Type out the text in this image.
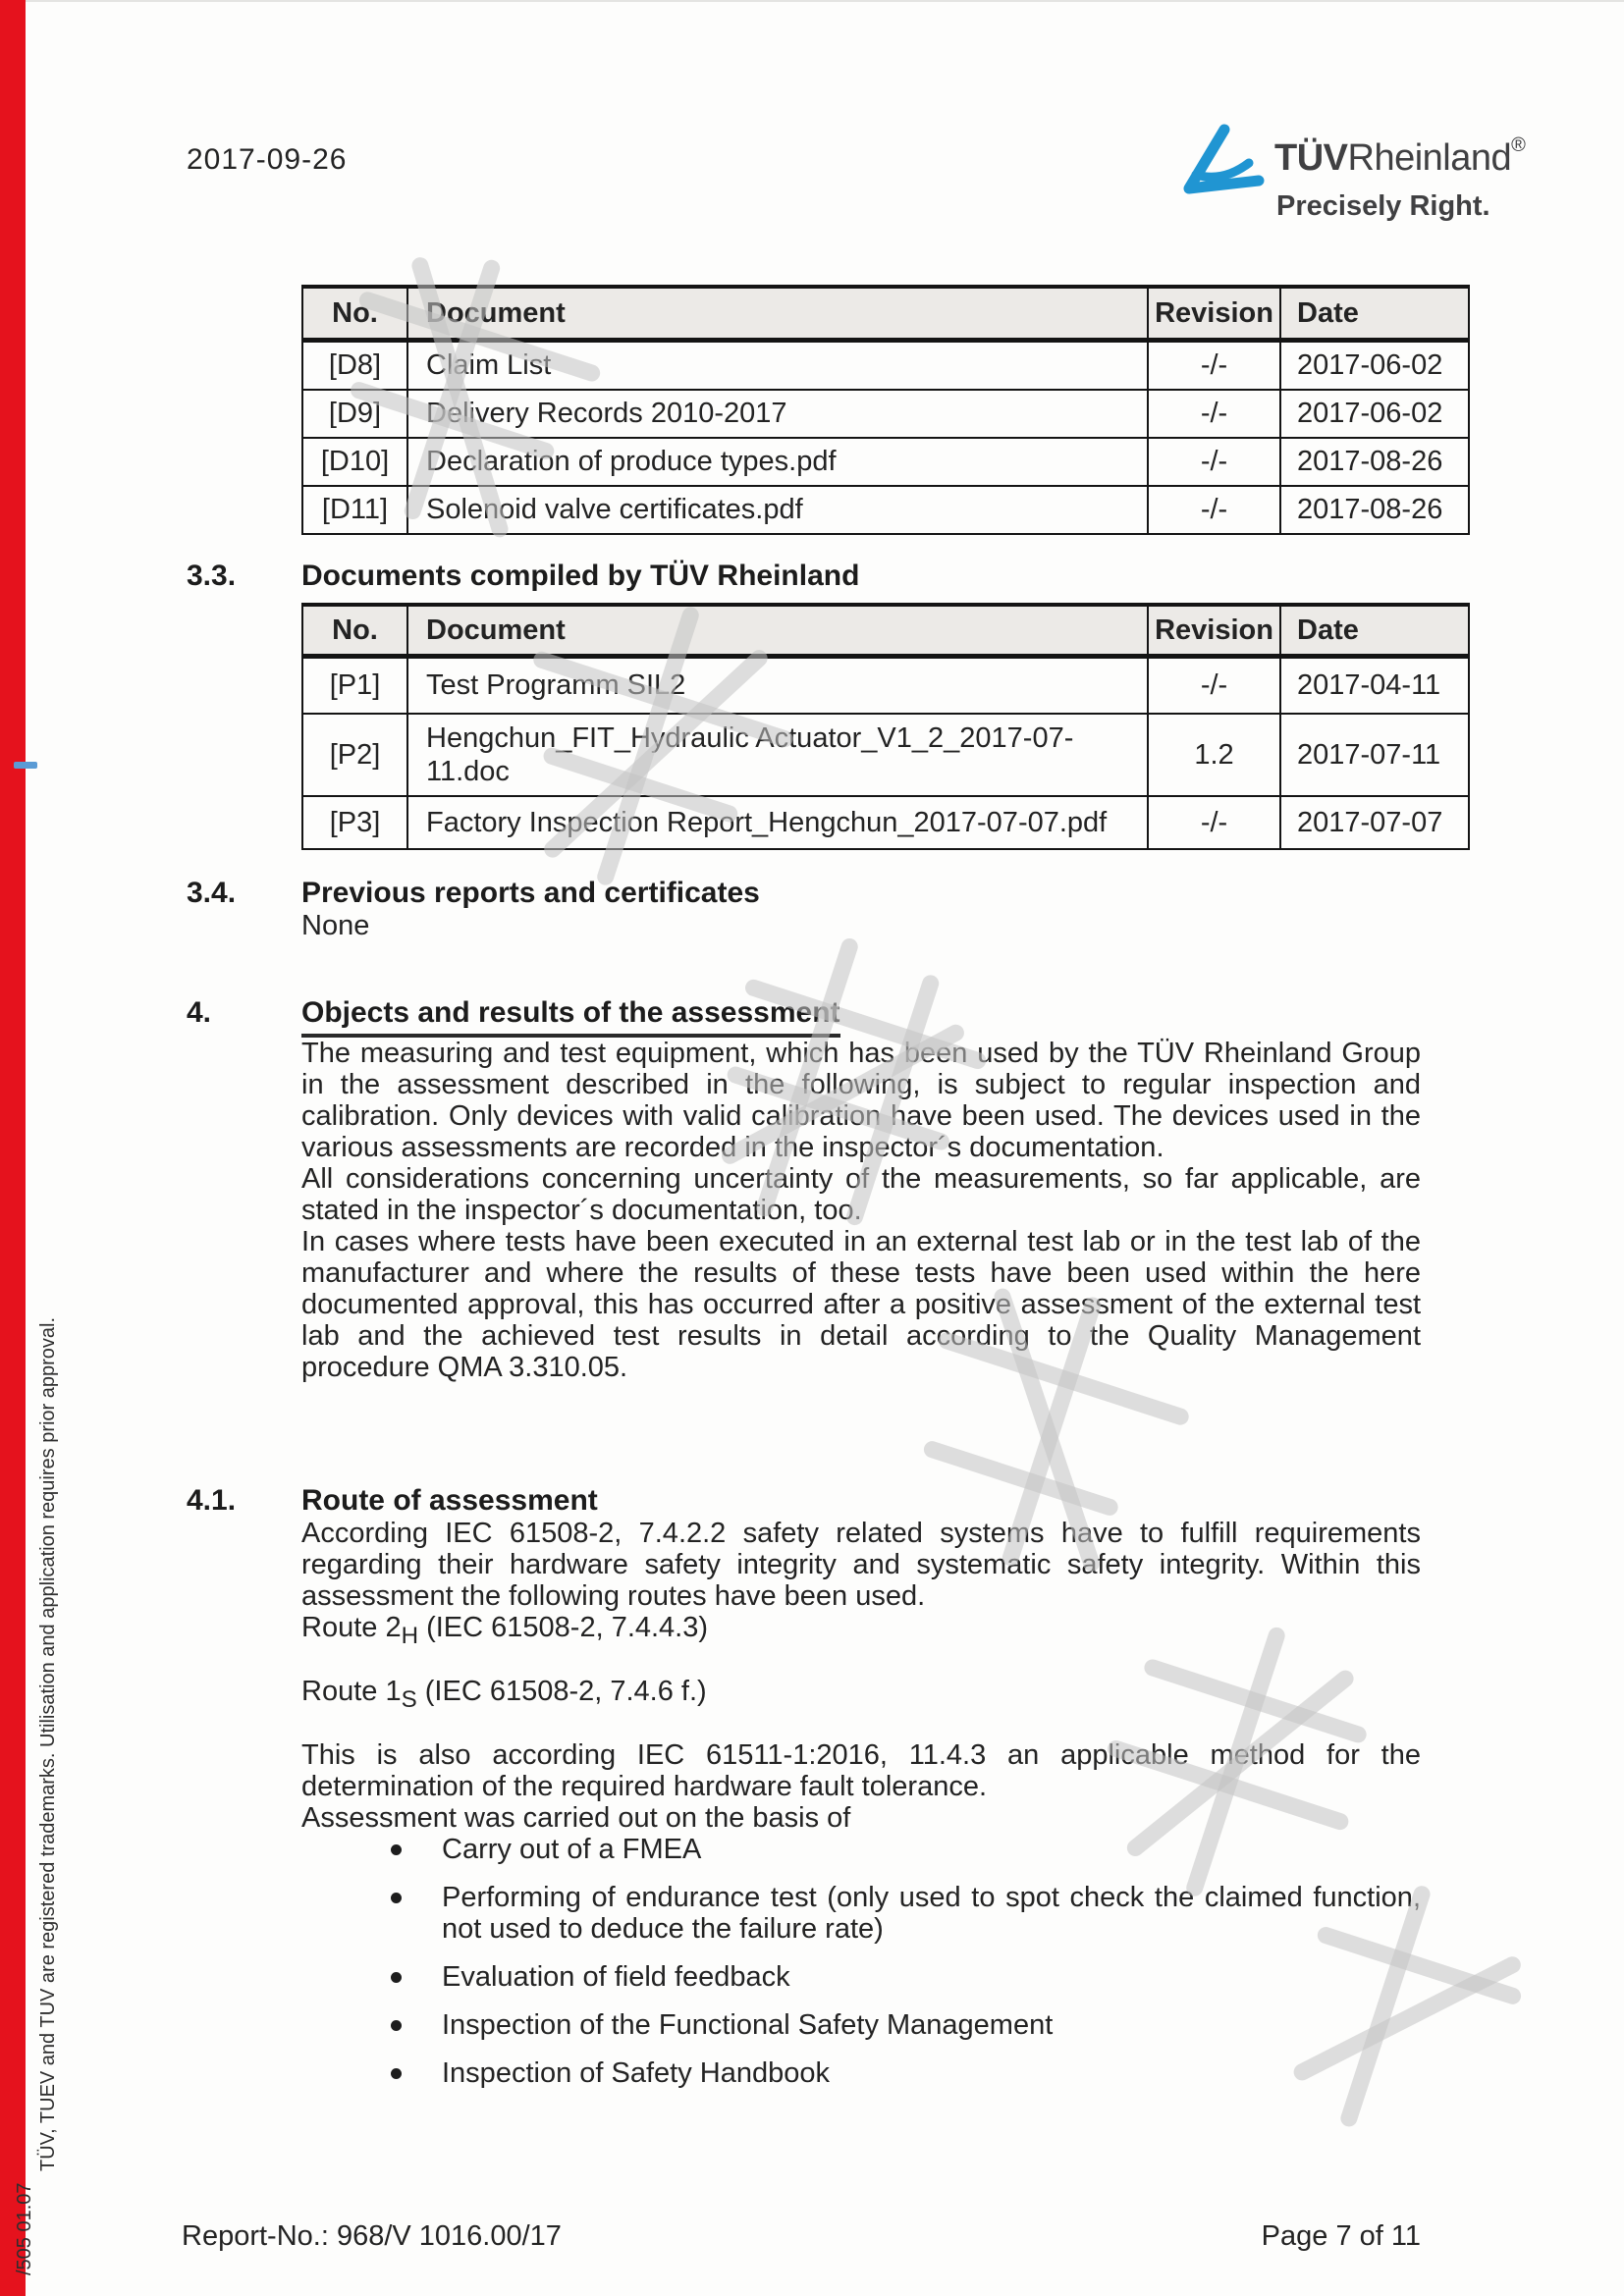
2017-09-26	TÜVRheinland®
Precisely Right.
No.	Document	Revision	Date
[D8]	Claim List	-/-	2017-06-02
[D9]	Delivery Records 2010-2017	-/-	2017-06-02
[D10]	Declaration of produce types.pdf	-/-	2017-08-26
[D11]	Solenoid valve certificates.pdf	-/-	2017-08-26
3.3. Documents compiled by TÜV Rheinland
No.	Document	Revision	Date
[P1]	Test Programm SIL2	-/-	2017-04-11
[P2]	Hengchun_FIT_Hydraulic Actuator_V1_2_2017-07-11.doc	1.2	2017-07-11
[P3]	Factory Inspection Report_Hengchun_2017-07-07.pdf	-/-	2017-07-07
3.4. Previous reports and certificates

None

4.	Objects and results of the assessment

The measuring and test equipment, which has been used by the TÜV Rheinland Group in the assessment described in the following, is subject to regular inspection and calibration. Only devices with valid calibration have been used. The devices used in the various assessments are recorded in the inspector´s documentation.

All considerations concerning uncertainty of the measurements, so far applicable, are stated in the inspector´s documentation, too.

In cases where tests have been executed in an external test lab or in the test lab of the manufacturer and where the results of these tests have been used within the here documented approval, this has occurred after a positive assessment of the external test lab and the achieved test results in detail according to the Quality Management procedure QMA 3.310.05.

4.1. Route of assessment

According IEC 61508-2, 7.4.2.2 safety related systems have to fulfill requirements regarding their hardware safety integrity and systematic safety integrity. Within this assessment the following routes have been used.

Route $2_H$ (IEC 61508-2, 7.4.4.3)

Route $1_S$ (IEC 61508-2, 7.4.6 f.)

This is also according IEC 61511-1:2016, 11.4.3 an applicable method for the determination of the required hardware fault tolerance.

Assessment was carried out on the basis of

Carry out of a FMEA
Performing of endurance test (only used to spot check the claimed function, not used to deduce the failure rate)
Evaluation of field feedback
Inspection of the Functional Safety Management
Inspection of Safety Handbook
Report-No.: 968/V 1016.00/17	Page 7 of 11
TÜV, TUEV and TUV are registered trademarks. Utilisation and application requires prior approval.
/505 01.07
